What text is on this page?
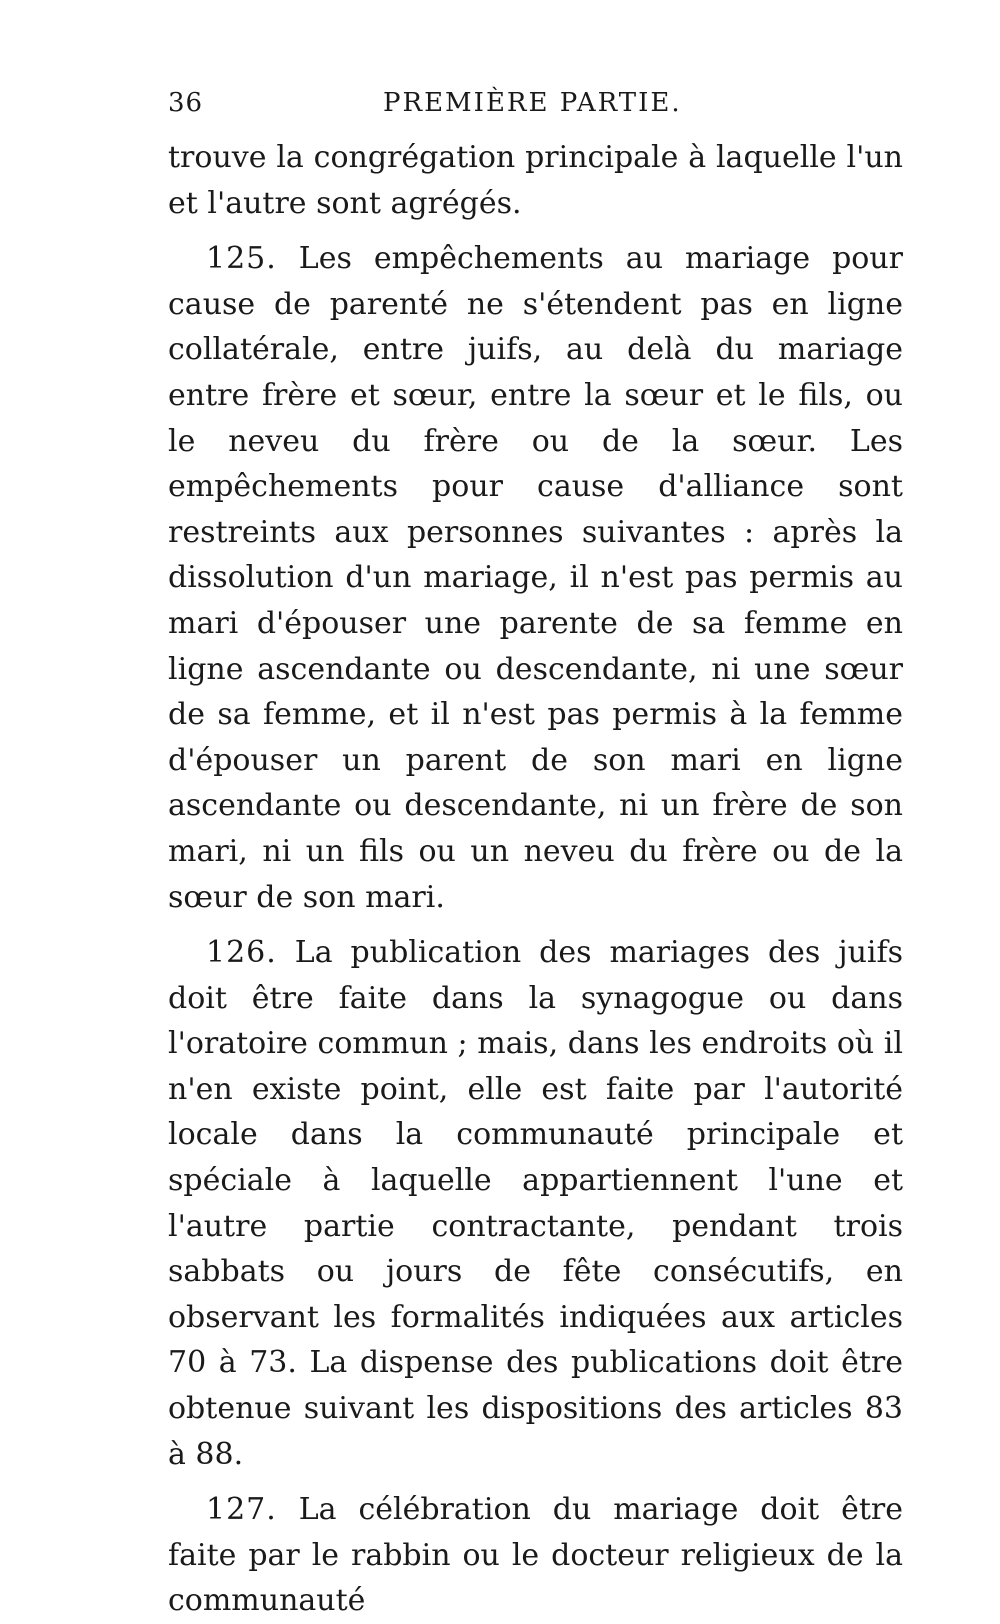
36	PREMIÈRE PARTIE.

trouve la congrégation principale à laquelle l'un et l'autre sont agrégés.

125. Les empêchements au mariage pour cause de parenté ne s'étendent pas en ligne collatérale, entre juifs, au delà du mariage entre frère et sœur, entre la sœur et le fils, ou le neveu du frère ou de la sœur. Les empêchements pour cause d'alliance sont restreints aux personnes suivantes : après la dissolution d'un mariage, il n'est pas permis au mari d'épouser une parente de sa femme en ligne ascendante ou descendante, ni une sœur de sa femme, et il n'est pas permis à la femme d'épouser un parent de son mari en ligne ascendante ou descendante, ni un frère de son mari, ni un fils ou un neveu du frère ou de la sœur de son mari.

126. La publication des mariages des juifs doit être faite dans la synagogue ou dans l'oratoire commun ; mais, dans les endroits où il n'en existe point, elle est faite par l'autorité locale dans la communauté principale et spéciale à laquelle appartiennent l'une et l'autre partie contractante, pendant trois sabbats ou jours de fête consécutifs, en observant les formalités indiquées aux articles 70 à 73. La dispense des publications doit être obtenue suivant les dispositions des articles 83 à 88.

127. La célébration du mariage doit être faite par le rabbin ou le docteur religieux de la communauté
